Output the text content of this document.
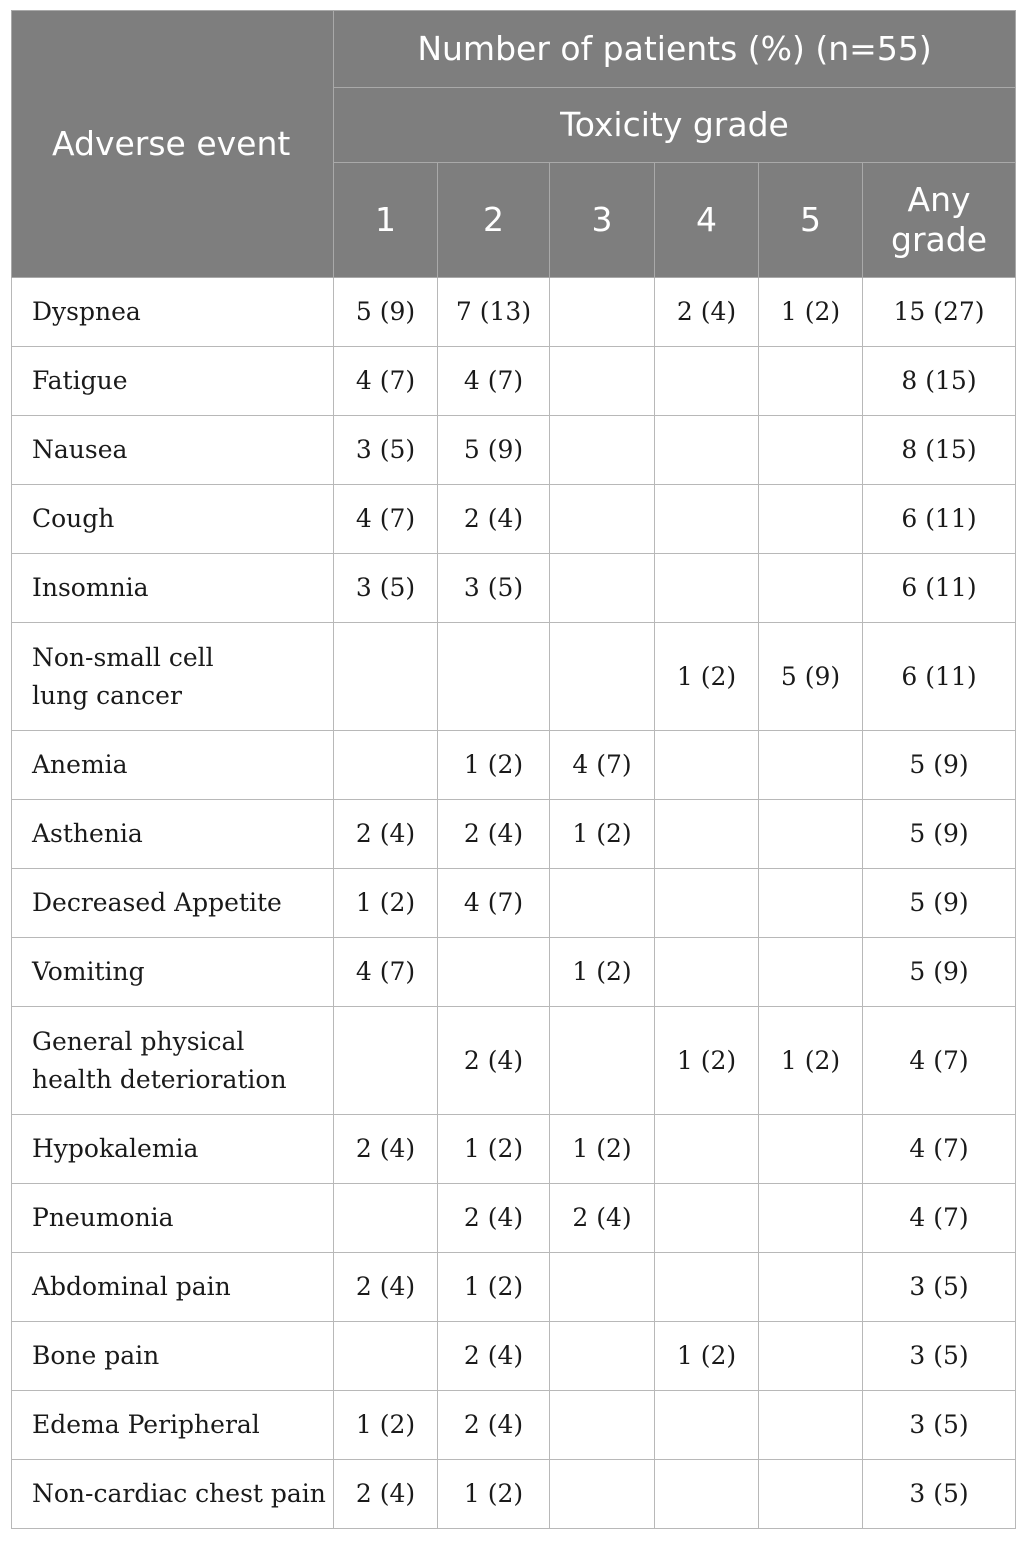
Adverse event	Number of patients (%) (n=55)					
	Toxicity grade					
	1	2	3	4	5	Any
grade
Dyspnea	5 (9)	7 (13)		2 (4)	1 (2)	15 (27)
Fatigue	4 (7)	4 (7)				8 (15)
Nausea	3 (5)	5 (9)				8 (15)
Cough	4 (7)	2 (4)				6 (11)
Insomnia	3 (5)	3 (5)				6 (11)
Non-small cell
lung cancer				1 (2)	5 (9)	6 (11)
Anemia		1 (2)	4 (7)			5 (9)
Asthenia	2 (4)	2 (4)	1 (2)			5 (9)
Decreased Appetite	1 (2)	4 (7)				5 (9)
Vomiting	4 (7)		1 (2)			5 (9)
General physical
health deterioration		2 (4)		1 (2)	1 (2)	4 (7)
Hypokalemia	2 (4)	1 (2)	1 (2)			4 (7)
Pneumonia		2 (4)	2 (4)			4 (7)
Abdominal pain	2 (4)	1 (2)				3 (5)
Bone pain		2 (4)		1 (2)		3 (5)
Edema Peripheral	1 (2)	2 (4)				3 (5)
Non-cardiac chest pain	2 (4)	1 (2)				3 (5)
